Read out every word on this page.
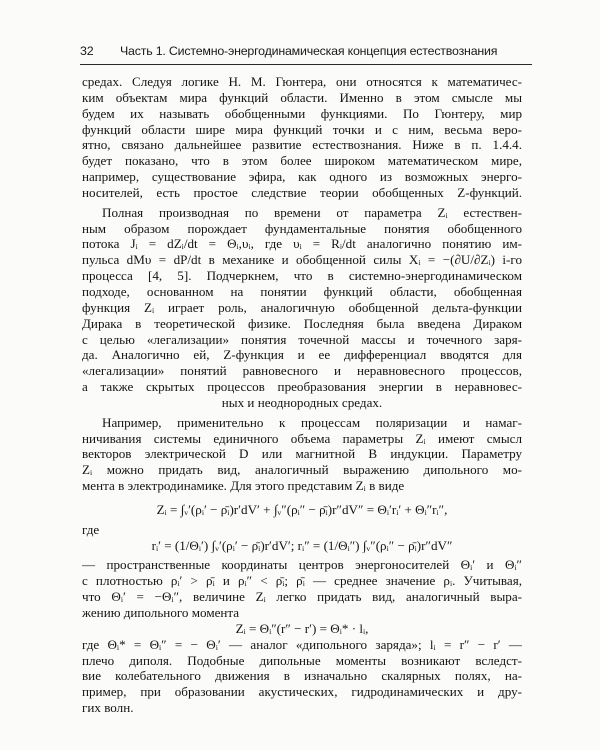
32 Часть 1. Системно-энергодинамическая концепция естествознания
средах. Следуя логике Н. М. Гюнтера, они относятся к математичес-
ким объектам мира функций области. Именно в этом смысле мы
будем их называть обобщенными функциями. По Гюнтеру, мир
функций области шире мира функций точки и с ним, весьма веро-
ятно, связано дальнейшее развитие естествознания. Ниже в п. 1.4.4.
будет показано, что в этом более широком математическом мире,
например, существование эфира, как одного из возможных энерго-
носителей, есть простое следствие теории обобщенных Z-функций.
Полная производная по времени от параметра Zᵢ естествен-
ным образом порождает фундаментальные понятия обобщенного
потока Jᵢ = dZᵢ/dt = Θᵢ,υᵢ, где υᵢ = Rᵢ/dt аналогично понятию им-
пульса dMυ = dP/dt в механике и обобщенной силы Xᵢ = −(∂U/∂Zᵢ) i-го
процесса [4, 5]. Подчеркнем, что в системно-энергодинамическом
подходе, основанном на понятии функций области, обобщенная
функция Zᵢ играет роль, аналогичную обобщенной дельта-функции
Дирака в теоретической физике. Последняя была введена Дираком
с целью «легализации» понятия точечной массы и точечного заря-
да. Аналогично ей, Z-функция и ее дифференциал вводятся для
«легализации» понятий равновесного и неравновесного процессов,
а также скрытых процессов преобразования энергии в неравновес-
ных и неоднородных средах.
Например, применительно к процессам поляризации и намаг-
ничивания системы единичного объема параметры Zᵢ имеют смысл
векторов электрической D или магнитной B индукции. Параметру
Zᵢ можно придать вид, аналогичный выражению дипольного мо-
мента в электродинамике. Для этого представим Zᵢ в виде
Zᵢ = ∫ᵥ′(ρᵢ′ − ρ̄ᵢ)r′dV′ + ∫ᵥ″(ρᵢ″ − ρ̄ᵢ)r″dV″ = Θᵢ′rᵢ′ + Θᵢ″rᵢ″,
где
rᵢ′ = (1/Θᵢ′) ∫ᵥ′(ρᵢ′ − ρ̄ᵢ)r′dV′; rᵢ″ = (1/Θᵢ″) ∫ᵥ″(ρᵢ″ − ρ̄ᵢ)r″dV″
— пространственные координаты центров энергоносителей Θᵢ′ и Θᵢ″
с плотностью ρᵢ′ > ρ̄ᵢ и ρᵢ″ < ρ̄ᵢ; ρ̄ᵢ — среднее значение ρᵢ. Учитывая,
что Θᵢ′ = −Θᵢ″, величине Zᵢ легко придать вид, аналогичный выра-
жению дипольного момента
Zᵢ = Θᵢ″(r″ − r′) = Θᵢ* · lᵢ,
где Θᵢ* = Θᵢ″ = − Θᵢ′ — аналог «дипольного заряда»; lᵢ = r″ − r′ —
плечо диполя. Подобные дипольные моменты возникают вследст-
вие колебательного движения в изначально скалярных полях, на-
пример, при образовании акустических, гидродинамических и дру-
гих волн.
